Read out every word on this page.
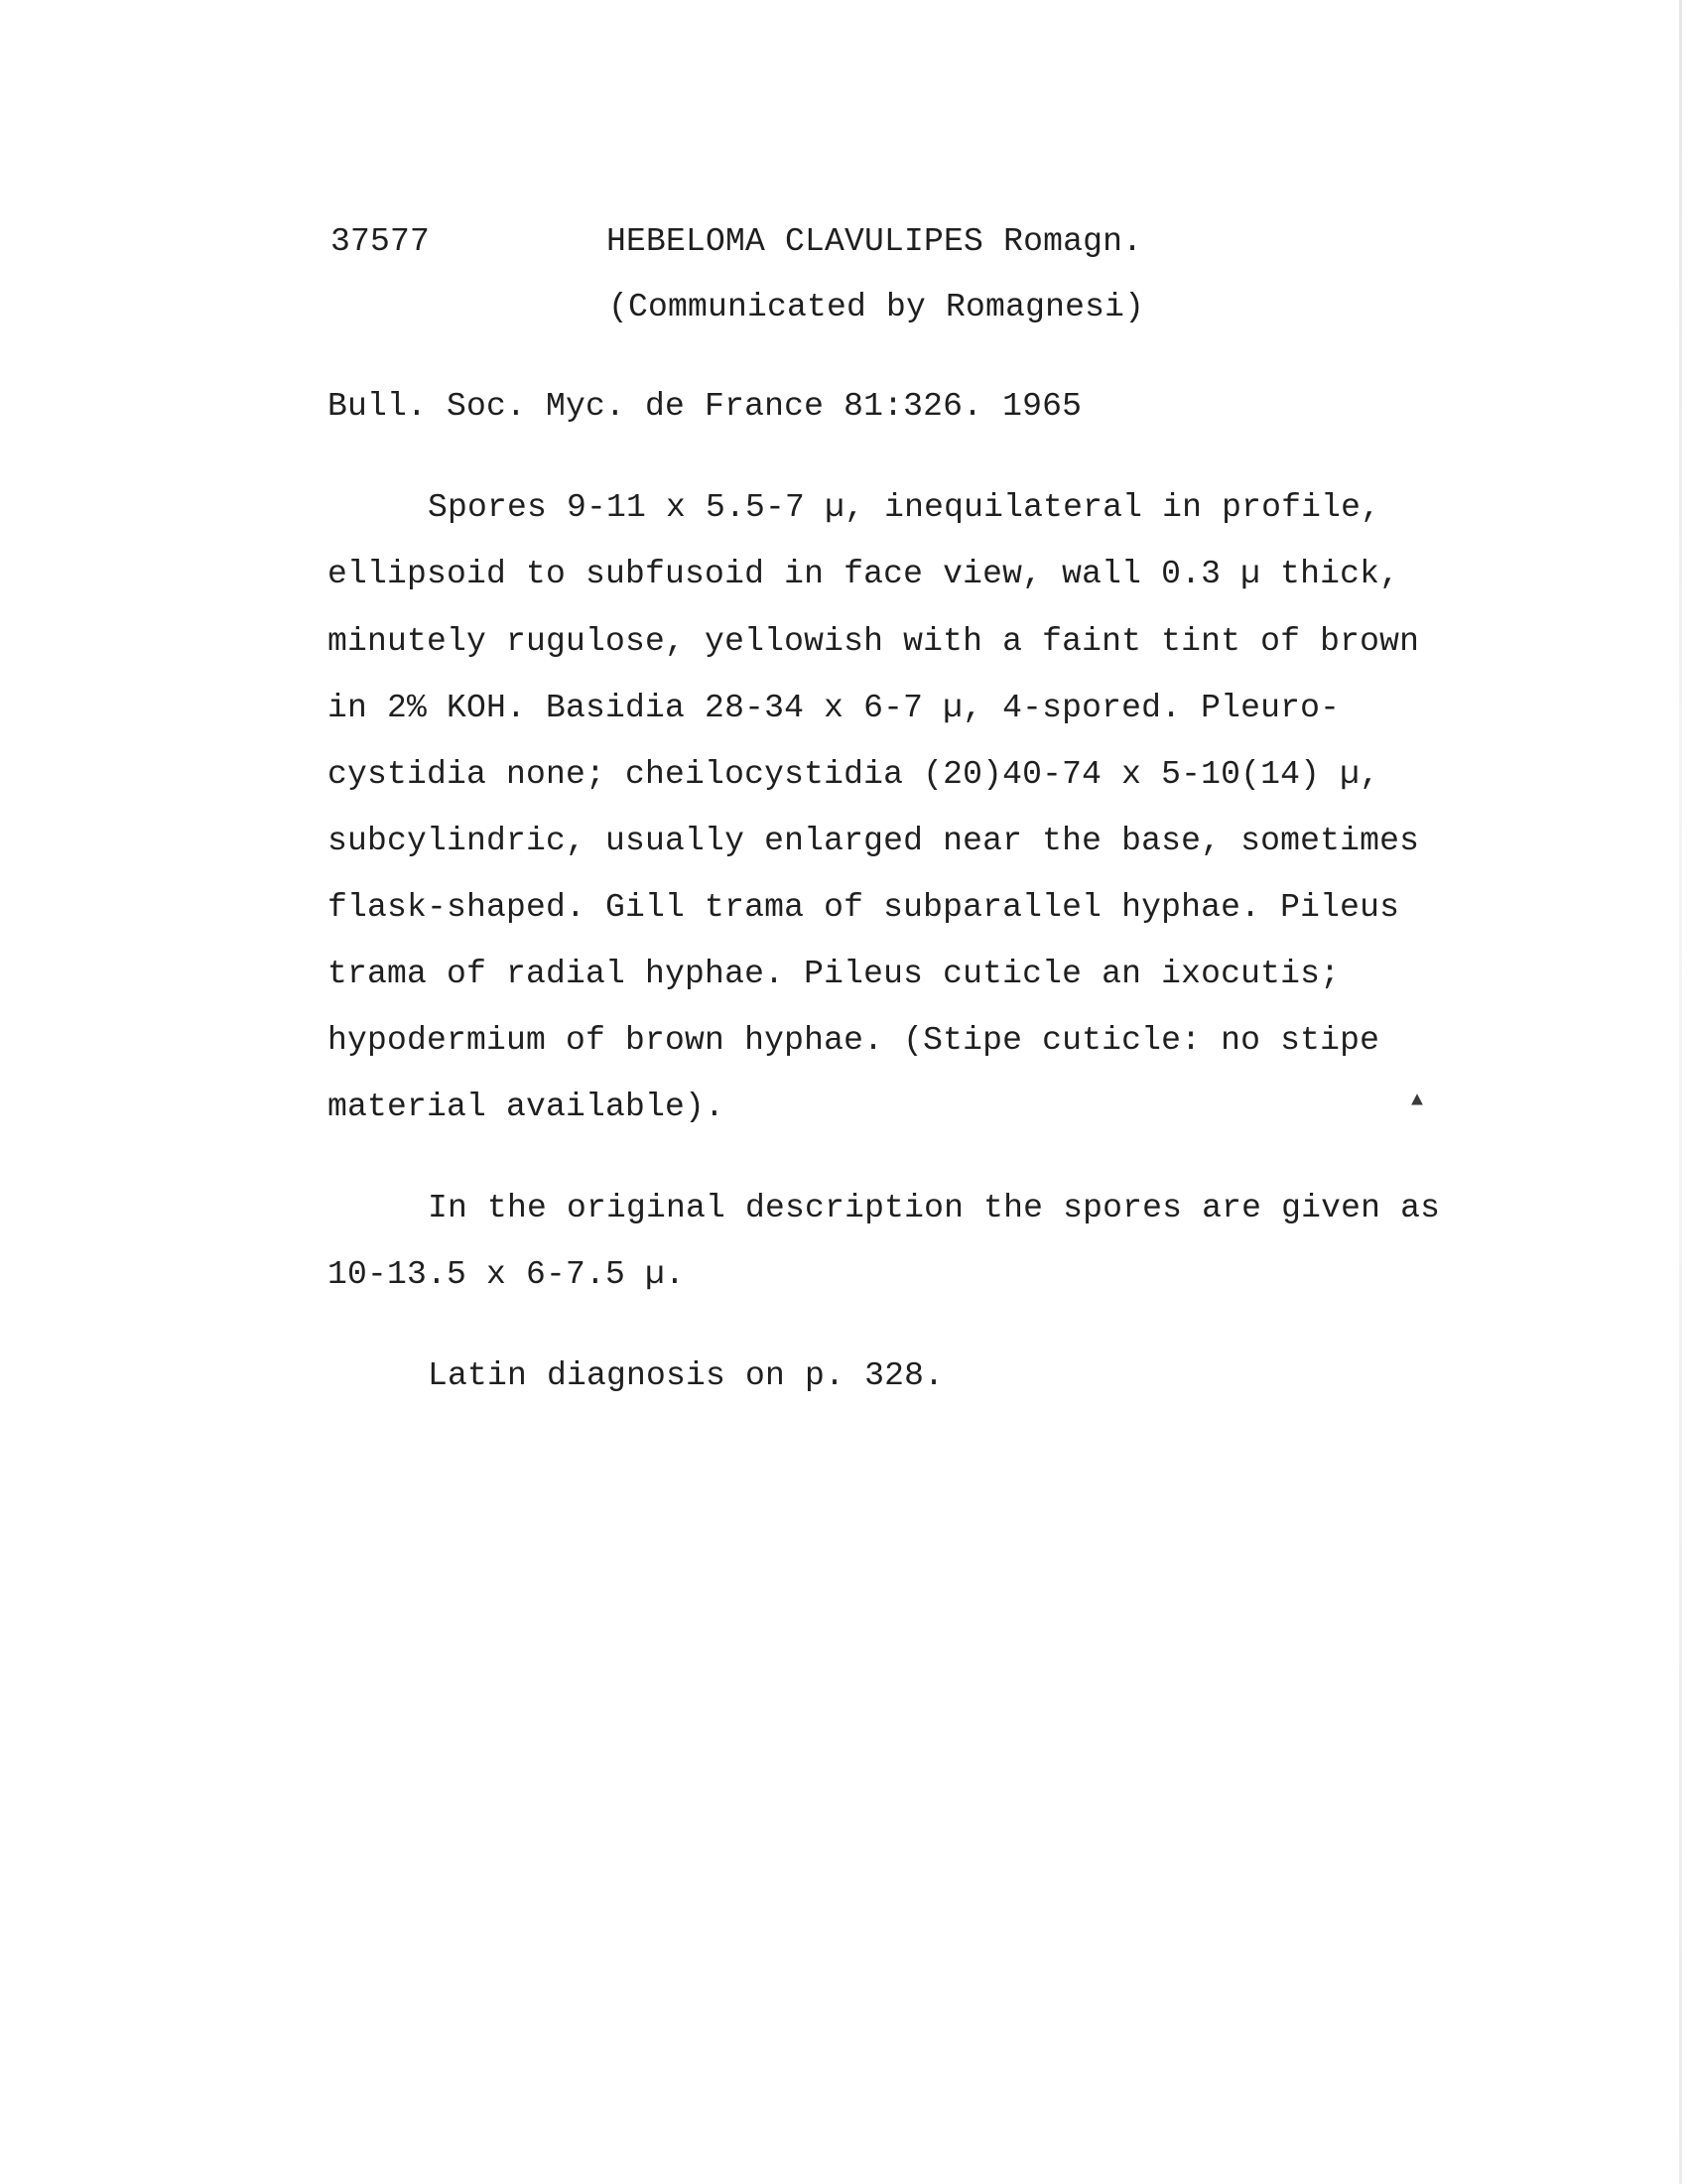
37577	HEBELOMA CLAVULIPES Romagn.
(Communicated by Romagnesi)
Bull. Soc. Myc. de France 81:326. 1965
Spores 9-11 x 5.5-7 µ, inequilateral in profile,
ellipsoid to subfusoid in face view, wall 0.3 µ thick,
minutely rugulose, yellowish with a faint tint of brown
in 2% KOH. Basidia 28-34 x 6-7 µ, 4-spored. Pleuro-
cystidia none; cheilocystidia (20)40-74 x 5-10(14) µ,
subcylindric, usually enlarged near the base, sometimes
flask-shaped. Gill trama of subparallel hyphae. Pileus
trama of radial hyphae. Pileus cuticle an ixocutis;
hypodermium of brown hyphae. (Stipe cuticle: no stipe
material available).	▲
In the original description the spores are given as
10-13.5 x 6-7.5 µ.
Latin diagnosis on p. 328.
